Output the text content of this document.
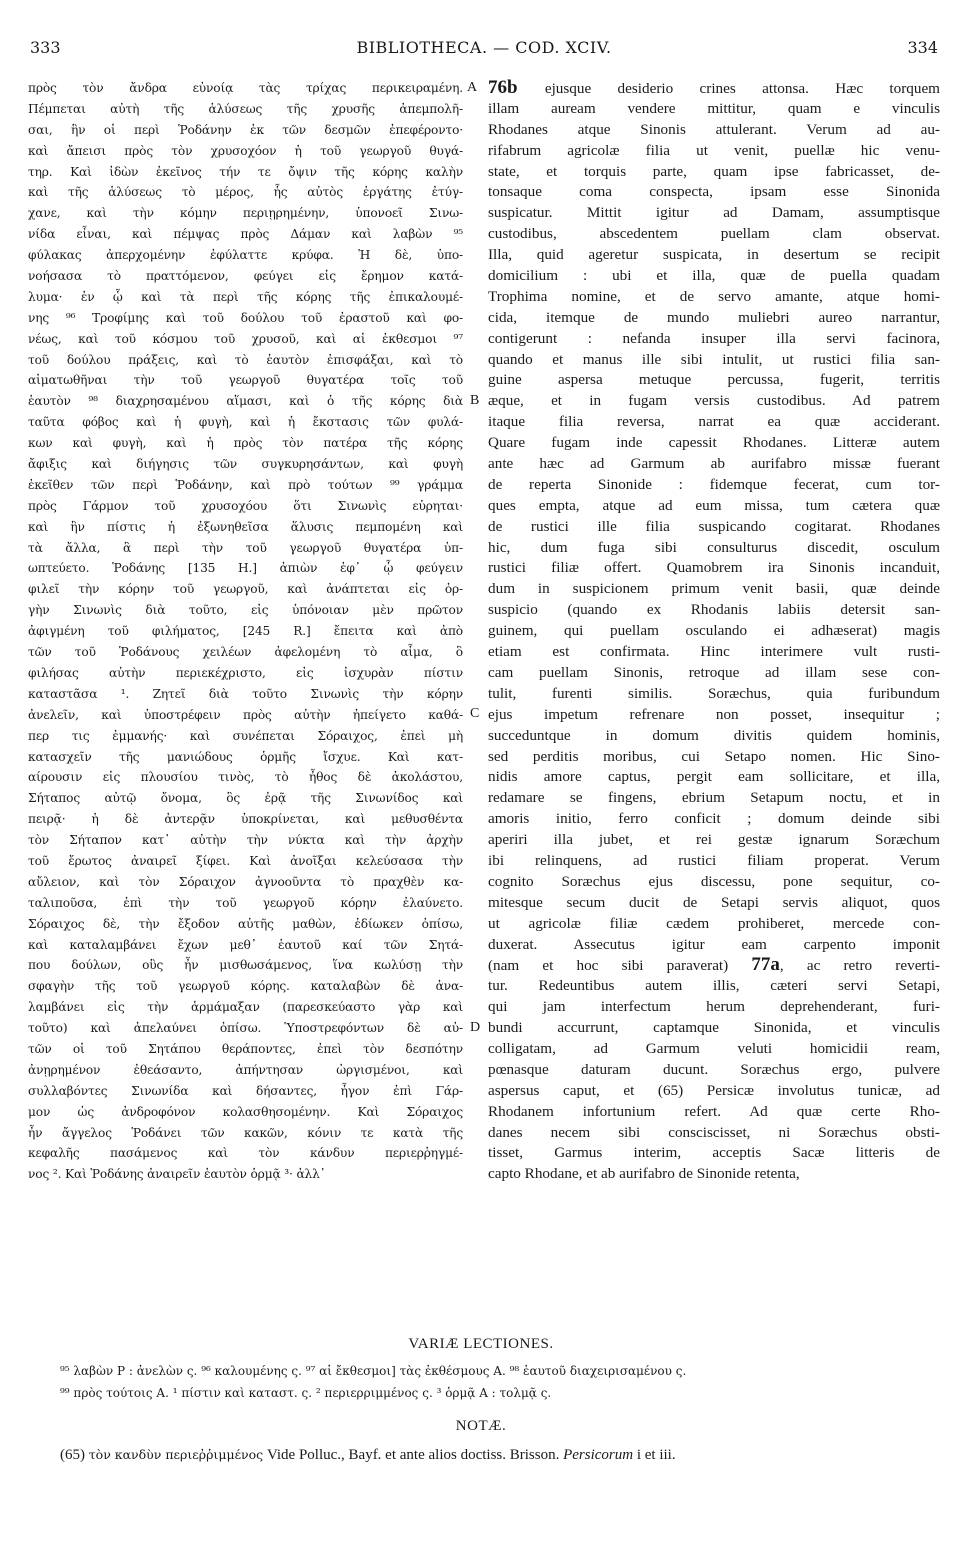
333	BIBLIOTHECA. — COD. XCIV.	334
πρὸς τὸν ἄνδρα εὐνοίᾳ τὰς τρίχας περικειραμένη.
Πέμπεται αὐτὴ τῆς ἁλύσεως τῆς χρυσῆς ἀπεμπολῆ-
σαι, ἣν οἱ περὶ Ῥοδάνην ἐκ τῶν δεσμῶν ἐπεφέροντο·
καὶ ἄπεισι πρὸς τὸν χρυσοχόον ἡ τοῦ γεωργοῦ θυγά-
τηρ. Καὶ ἰδὼν ἐκεῖνος τήν τε ὄψιν τῆς κόρης καλὴν
καὶ τῆς ἁλύσεως τὸ μέρος, ἧς αὐτὸς ἐργάτης ἐτύγ-
χανε, καὶ τὴν κόμην περιῃρημένην, ὑπονοεῖ Σινω-
νίδα εἶναι, καὶ πέμψας πρὸς Δάμαν καὶ λαβὼν ⁹⁵
φύλακας ἀπερχομένην ἐφύλαττε κρύφα. Ἡ δὲ, ὑπο-
νοήσασα τὸ πραττόμενον, φεύγει εἰς ἔρημον κατά-
λυμα· ἐν ᾧ καὶ τὰ περὶ τῆς κόρης τῆς ἐπικαλουμέ-
νης ⁹⁶ Τροφίμης καὶ τοῦ δούλου τοῦ ἐραστοῦ καὶ φο-
νέως, καὶ τοῦ κόσμου τοῦ χρυσοῦ, καὶ αἱ ἐκθεσμοι ⁹⁷
τοῦ δούλου πράξεις, καὶ τὸ ἑαυτὸν ἐπισφάξαι, καὶ τὸ
αἱματωθῆναι τὴν τοῦ γεωργοῦ θυγατέρα τοῖς τοῦ
ἑαυτὸν ⁹⁸ διαχρησαμένου αἵμασι, καὶ ὁ τῆς κόρης διὰ
ταῦτα φόβος καὶ ἡ φυγὴ, καὶ ἡ ἔκστασις τῶν φυλά-
κων καὶ φυγὴ, καὶ ἡ πρὸς τὸν πατέρα τῆς κόρης
ἄφιξις καὶ διήγησις τῶν συγκυρησάντων, καὶ φυγὴ
ἐκεῖθεν τῶν περὶ Ῥοδάνην, καὶ πρὸ τούτων ⁹⁹ γράμμα
πρὸς Γάρμον τοῦ χρυσοχόου ὅτι Σινωνὶς εὑρηται·
καὶ ἣν πίστις ἡ ἐξωνηθεῖσα ἅλυσις πεμπομένη καὶ
τὰ ἄλλα, ἃ περὶ τὴν τοῦ γεωργοῦ θυγατέρα ὑπ-
ωπτεύετο. Ῥοδάνης [135 Η.] ἀπιὼν ἐφ᾽ ᾧ φεύγειν
φιλεῖ τὴν κόρην τοῦ γεωργοῦ, καὶ ἀνάπτεται εἰς ὀρ-
γὴν Σινωνὶς διὰ τοῦτο, εἰς ὑπόνοιαν μὲν πρῶτον
ἀφιγμένη τοῦ φιλήματος, [245 R.] ἔπειτα καὶ ἀπὸ
τῶν τοῦ Ῥοδάνους χειλέων ἀφελομένη τὸ αἷμα, ὃ
φιλήσας αὐτὴν περιεκέχριστο, εἰς ἰσχυρὰν πίστιν
καταστᾶσα ¹. Ζητεῖ διὰ τοῦτο Σινωνὶς τὴν κόρην
ἀνελεῖν, καὶ ὑποστρέφειν πρὸς αὐτὴν ἠπείγετο καθά-
περ τις ἐμμανής· καὶ συνέπεται Σόραιχος, ἐπεὶ μὴ
κατασχεῖν τῆς μανιώδους ὁρμῆς ἴσχυε. Καὶ κατ-
αίρουσιν εἰς πλουσίου τινὸς, τὸ ἦθος δὲ ἀκολάστου,
Σήταπος αὐτῷ ὄνομα, ὃς ἐρᾷ τῆς Σινωνίδος καὶ
πειρᾷ· ἡ δὲ ἀντερᾷν ὑποκρίνεται, καὶ μεθυσθέντα
τὸν Σήταπον κατ᾽ αὐτὴν τὴν νύκτα καὶ τὴν ἀρχὴν
τοῦ ἔρωτος ἀναιρεῖ ξίφει. Καὶ ἀνοῖξαι κελεύσασα τὴν
αὔλειον, καὶ τὸν Σόραιχον ἀγνοοῦντα τὸ πραχθὲν κα-
ταλιποῦσα, ἐπὶ τὴν τοῦ γεωργοῦ κόρην ἐλαύνετο.
Σόραιχος δὲ, τὴν ἔξοδον αὐτῆς μαθὼν, ἐδίωκεν ὀπίσω,
καὶ καταλαμβάνει ἔχων μεθ᾽ ἑαυτοῦ καί τῶν Σητά-
που δούλων, οὓς ἦν μισθωσάμενος, ἵνα κωλύσῃ τὴν
σφαγὴν τῆς τοῦ γεωργοῦ κόρης. καταλαβὼν δὲ ἀνα-
λαμβάνει εἰς τὴν ἁρμάμαξαν (παρεσκεύαστο γὰρ καὶ
τοῦτο) καὶ ἀπελαύνει ὀπίσω. Ὑποστρεφόντων δὲ αὐ-
τῶν οἱ τοῦ Σητάπου θεράποντες, ἐπεὶ τὸν δεσπότην
ἀνῃρημένον ἐθεάσαντο, ἀπήντησαν ὠργισμένοι, καὶ
συλλαβόντες Σινωνίδα καὶ δήσαντες, ἦγον ἐπὶ Γάρ-
μον ὡς ἀνδροφόνον κολασθησομένην. Καὶ Σόραιχος
ἦν ἄγγελος Ῥοδάνει τῶν κακῶν, κόνιν τε κατὰ τῆς
κεφαλῆς πασάμενος καὶ τὸν κάνδυν περιερῥηγμέ-
νος ². Καὶ Ῥοδάνης ἀναιρεῖν ἑαυτὸν ὁρμᾷ ³· ἀλλ᾽
76b ejusque desiderio crines attonsa. Hæc torquem
illam auream vendere mittitur, quam e vinculis
Rhodanes atque Sinonis attulerant. Verum ad au-
rifabrum agricolæ filia ut venit, puellæ hic venu-
state, et torquis parte, quam ipse fabricasset, de-
tonsaque coma conspecta, ipsam esse Sinonida
suspicatur. Mittit igitur ad Damam, assumptisque
custodibus, abscedentem puellam clam observat.
Illa, quid ageretur suspicata, in desertum se recipit
domicilium : ubi et illa, quæ de puella quadam
Trophima nomine, et de servo amante, atque homi-
cida, itemque de mundo muliebri aureo narrantur,
contigerunt : nefanda insuper illa servi facinora,
quando et manus ille sibi intulit, ut rustici filia san-
guine aspersa metuque percussa, fugerit, territis
æque, et in fugam versis custodibus. Ad patrem
itaque filia reversa, narrat ea quæ acciderant.
Quare fugam inde capessit Rhodanes. Litteræ autem
ante hæc ad Garmum ab aurifabro missæ fuerant
de reperta Sinonide : fidemque fecerat, cum tor-
ques empta, atque ad eum missa, tum cætera quæ
de rustici ille filia suspicando cogitarat. Rhodanes
hic, dum fuga sibi consulturus discedit, osculum
rustici filiæ offert. Quamobrem ira Sinonis incanduit,
dum in suspicionem primum venit basii, quæ deinde
suspicio (quando ex Rhodanis labiis detersit san-
guinem, qui puellam osculando ei adhæserat) magis
etiam est confirmata. Hinc interimere vult rusti-
cam puellam Sinonis, retroque ad illam sese con-
tulit, furenti similis. Soræchus, quia furibundum
ejus impetum refrenare non posset, insequitur ;
succeduntque in domum divitis quidem hominis,
sed perditis moribus, cui Setapo nomen. Hic Sino-
nidis amore captus, pergit eam sollicitare, et illa,
redamare se fingens, ebrium Setapum noctu, et in
amoris initio, ferro conficit ; domum deinde sibi
aperiri illa jubet, et rei gestæ ignarum Soræchum
ibi relinquens, ad rustici filiam properat. Verum
cognito Soræchus ejus discessu, pone sequitur, co-
mitesque secum ducit de Setapi servis aliquot, quos
ut agricolæ filiæ cædem prohiberet, mercede con-
duxerat. Assecutus igitur eam carpento imponit
(nam et hoc sibi paraverat) 77a, ac retro reverti-
tur. Redeuntibus autem illis, cæteri servi Setapi,
qui jam interfectum herum deprehenderant, furi-
bundi accurrunt, captamque Sinonida, et vinculis
colligatam, ad Garmum veluti homicidii ream,
pœnasque daturam ducunt. Soræchus ergo, pulvere
aspersus caput, et (65) Persicæ involutus tunicæ, ad
Rhodanem infortunium refert. Ad quæ certe Rho-
danes necem sibi consciscisset, ni Soræchus obsti-
tisset, Garmus interim, acceptis Sacæ litteris de
capto Rhodane, et ab aurifabro de Sinonide retenta,
A
B
C
D
VARIÆ LECTIONES.
⁹⁵ λαβὼν P : ἀνελὼν ς. ⁹⁶ καλουμένης ς. ⁹⁷ αἱ ἔκθεσμοι] τὰς ἐκθέσμους A. ⁹⁸ ἑαυτοῦ διαχειρισαμένου ς.
⁹⁹ πρὸς τούτοις A. ¹ πίστιν καὶ καταστ. ς. ² περιερριμμένος ς. ³ ὁρμᾷ A : τολμᾷ ς.
NOTÆ.
(65) τὸν κανδὺν περιεῤῥιμμένος Vide Polluc., Bayf. et ante alios doctiss. Brisson. Persicorum i et iii.
